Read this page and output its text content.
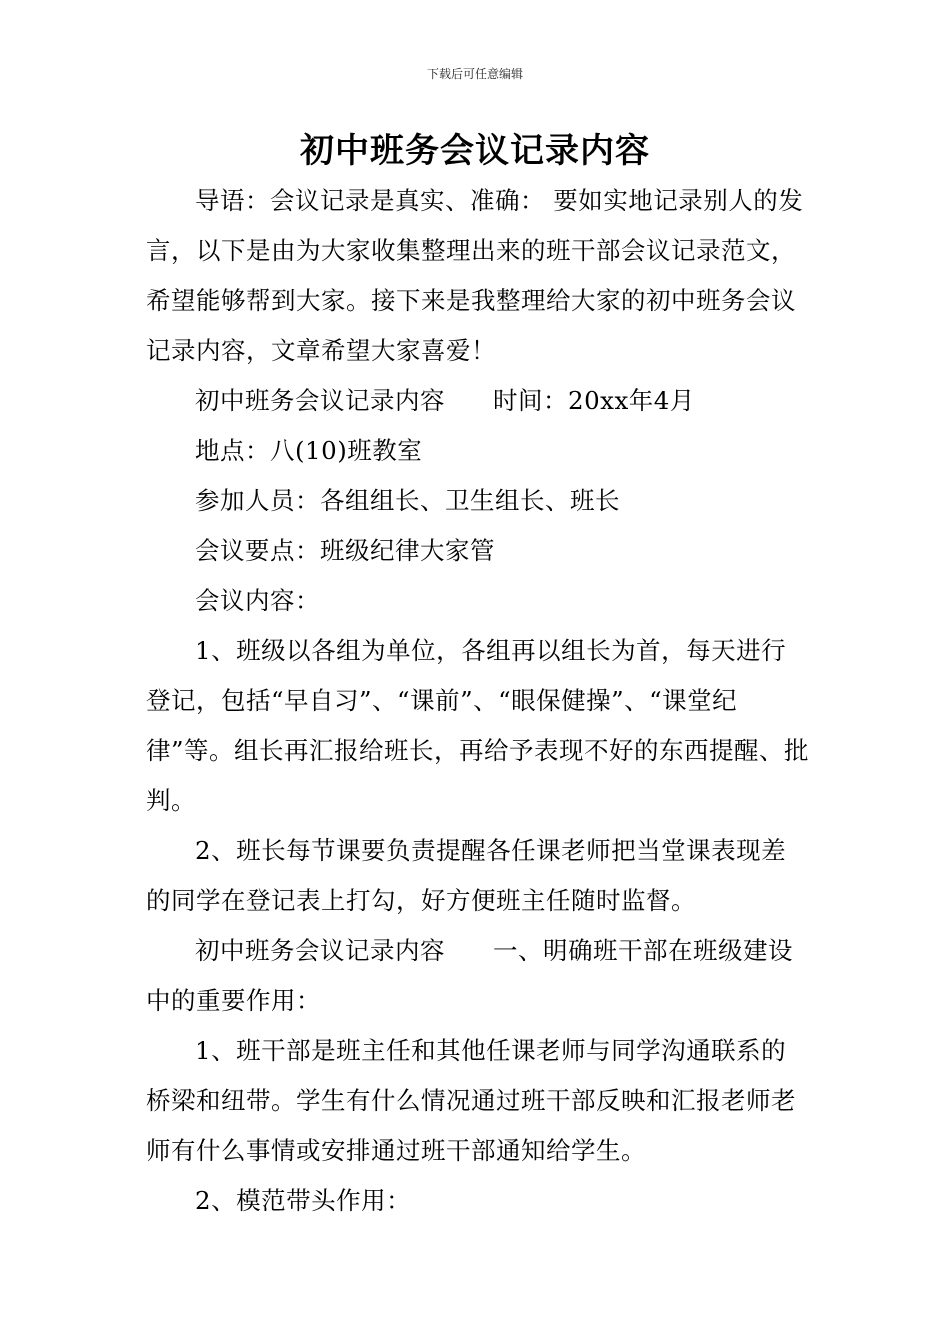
下载后可任意编辑
初中班务会议记录内容

导语：会议记录是真实、准确： 要如实地记录别人的发言，以下是由为大家收集整理出来的班干部会议记录范文，希望能够帮到大家。接下来是我整理给大家的初中班务会议记录内容，文章希望大家喜爱！

初中班务会议记录内容 时间：20xx年4月

地点：八(10)班教室

参加人员：各组组长、卫生组长、班长

会议要点：班级纪律大家管

会议内容：

1、班级以各组为单位，各组再以组长为首，每天进行登记，包括“早自习”、“课前”、“眼保健操”、“课堂纪律”等。组长再汇报给班长，再给予表现不好的东西提醒、批判。

2、班长每节课要负责提醒各任课老师把当堂课表现差的同学在登记表上打勾，好方便班主任随时监督。

初中班务会议记录内容 一、明确班干部在班级建设中的重要作用：

1、班干部是班主任和其他任课老师与同学沟通联系的桥梁和纽带。学生有什么情况通过班干部反映和汇报老师老师有什么事情或安排通过班干部通知给学生。

2、模范带头作用：
